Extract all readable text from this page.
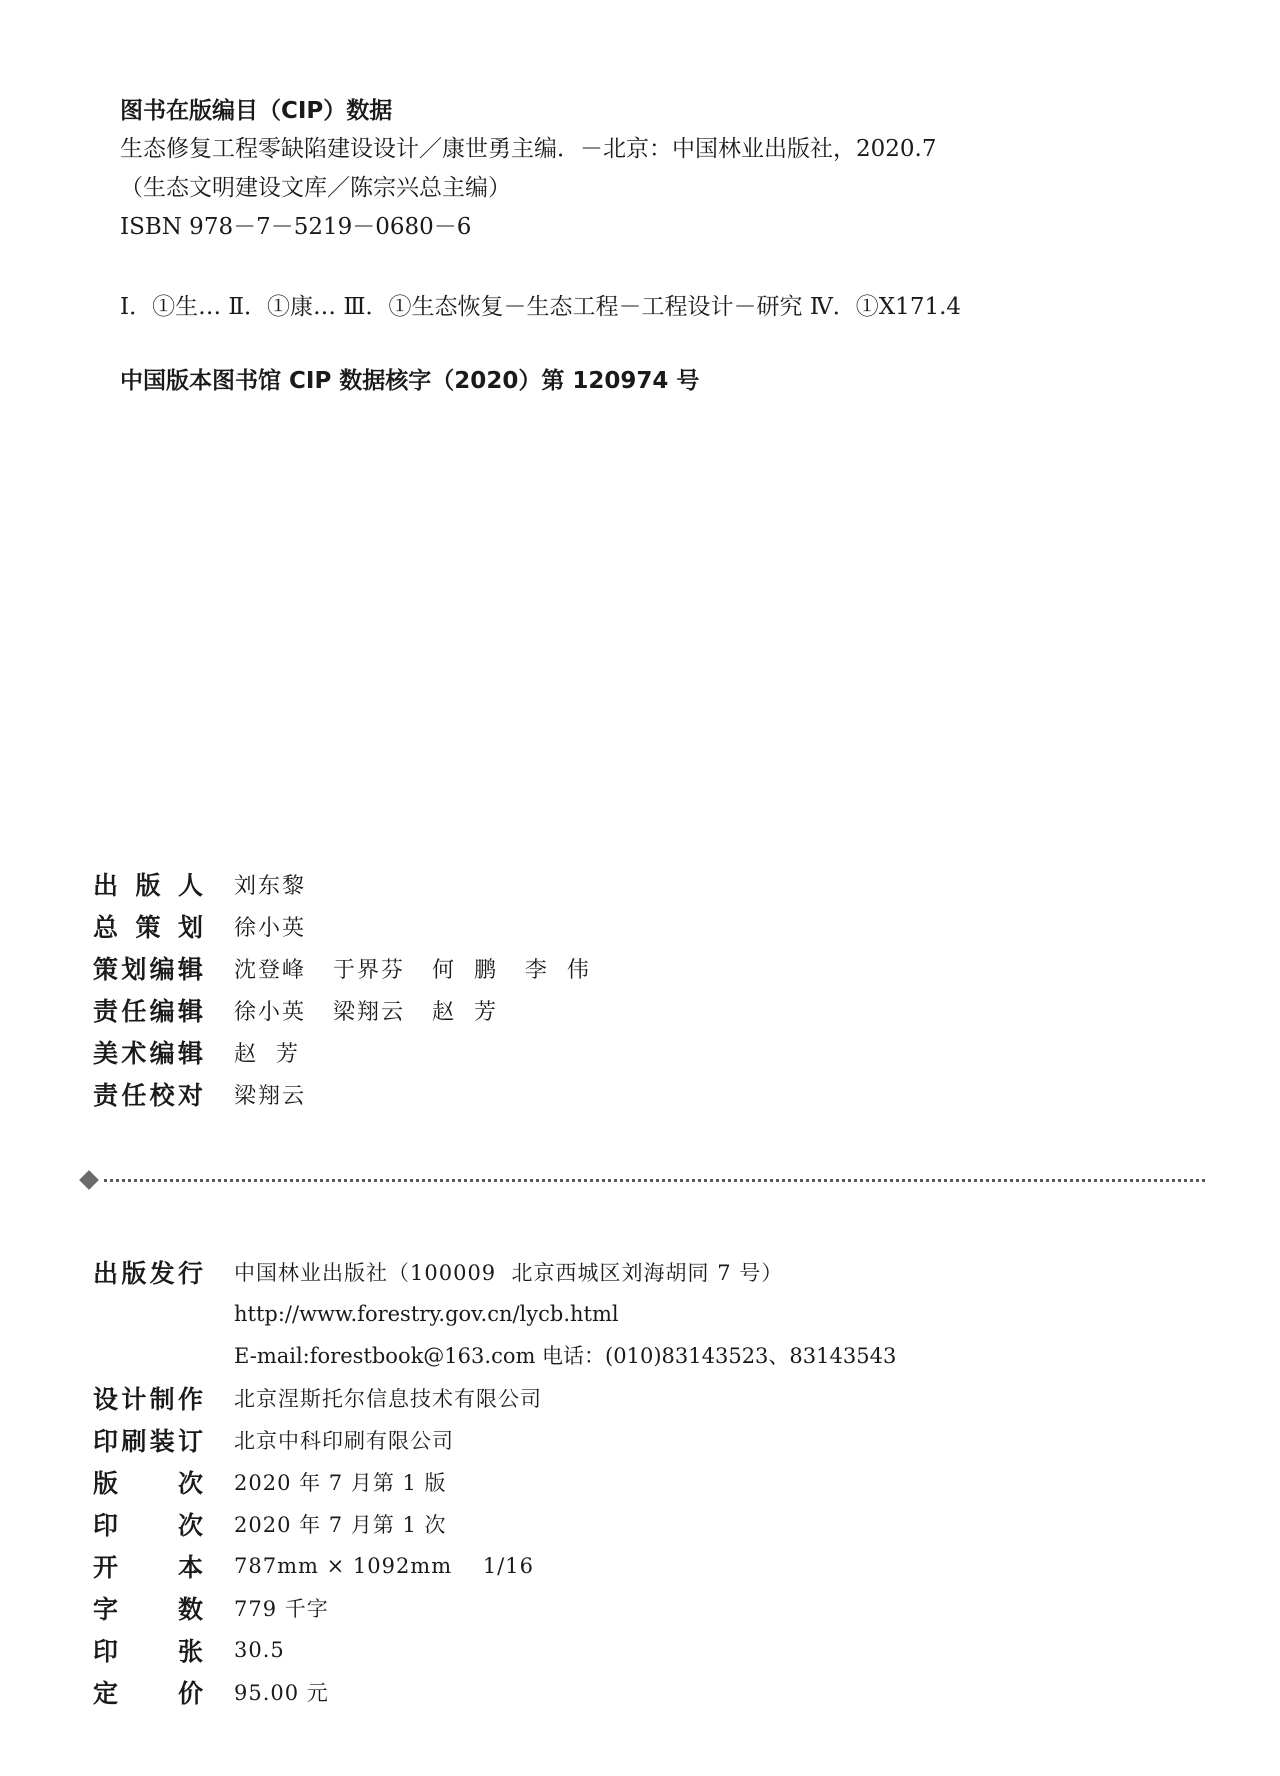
图书在版编目（CIP）数据
生态修复工程零缺陷建设设计／康世勇主编．－北京：中国林业出版社，2020.7
（生态文明建设文库／陈宗兴总主编）
ISBN 978－7－5219－0680－6
Ⅰ．①生… Ⅱ．①康… Ⅲ．①生态恢复－生态工程－工程设计－研究 Ⅳ．①X171.4
中国版本图书馆 CIP 数据核字（2020）第 120974 号
出版人 刘东黎
总策划 徐小英
策划编辑 沈登峰   于界芬   何  鹏   李  伟
责任编辑 徐小英   梁翔云   赵  芳
美术编辑 赵  芳
责任校对 梁翔云
出版发行 中国林业出版社（100009  北京西城区刘海胡同 7 号）
http://www.forestry.gov.cn/lycb.html
E-mail:forestbook@163.com 电话：(010)83143523、83143543
设计制作 北京涅斯托尔信息技术有限公司
印刷装订 北京中科印刷有限公司
版次 2020 年 7 月第 1 版
印次 2020 年 7 月第 1 次
开本 787mm × 1092mm    1/16
字数 779 千字
印张 30.5
定价 95.00 元
